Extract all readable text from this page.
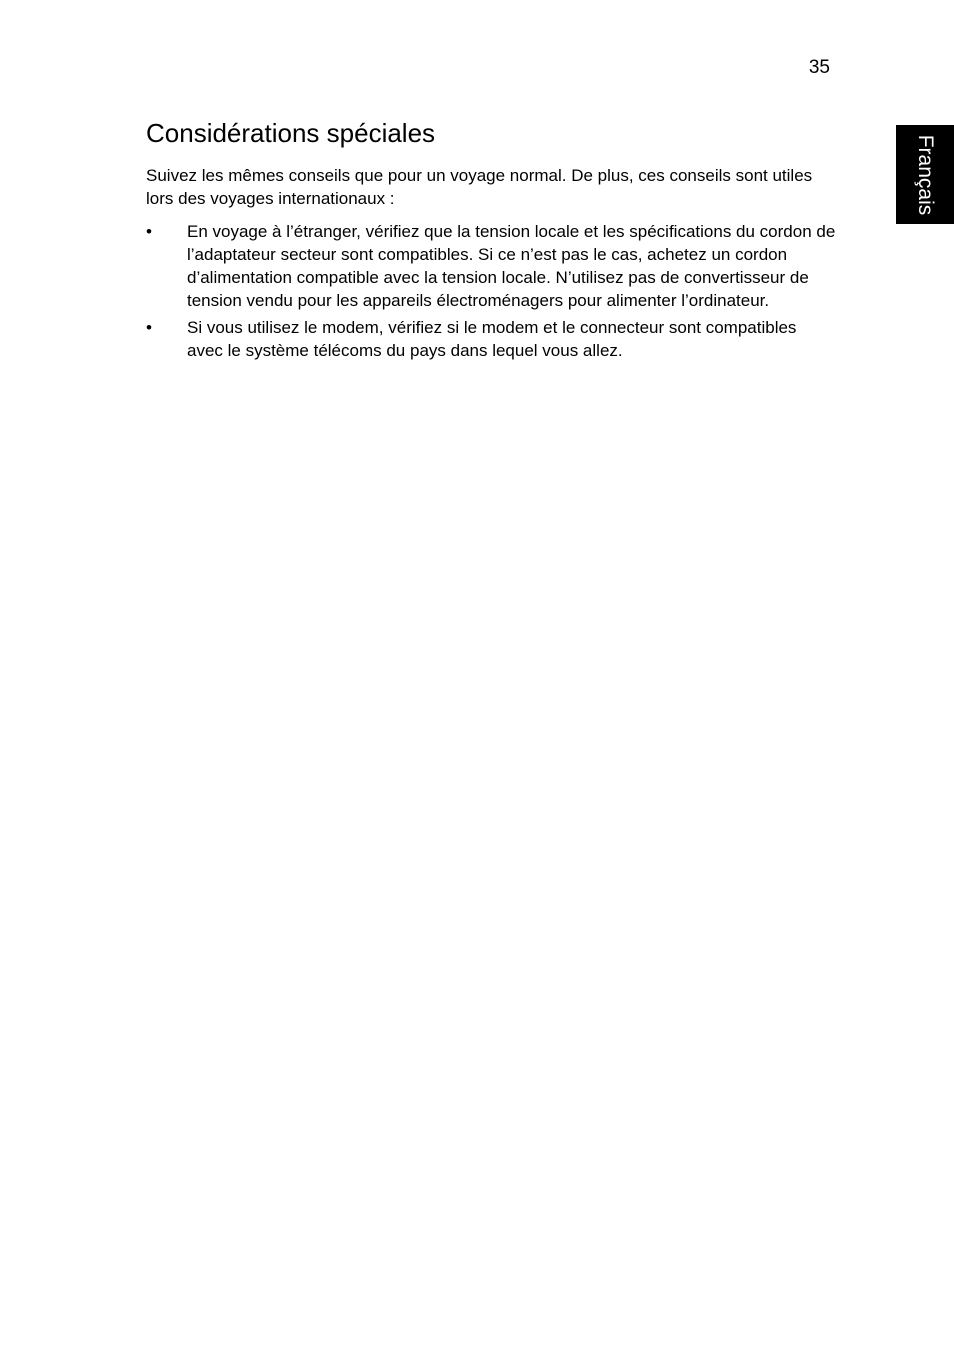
35
Français
Considérations spéciales

Suivez les mêmes conseils que pour un voyage normal. De plus, ces conseils sont utiles lors des voyages internationaux :

• En voyage à l’étranger, vérifiez que la tension locale et les spécifications du cordon de l’adaptateur secteur sont compatibles. Si ce n’est pas le cas, achetez un cordon d’alimentation compatible avec la tension locale. N’utilisez pas de convertisseur de tension vendu pour les appareils électroménagers pour alimenter l’ordinateur.
• Si vous utilisez le modem, vérifiez si le modem et le connecteur sont compatibles avec le système télécoms du pays dans lequel vous allez.
